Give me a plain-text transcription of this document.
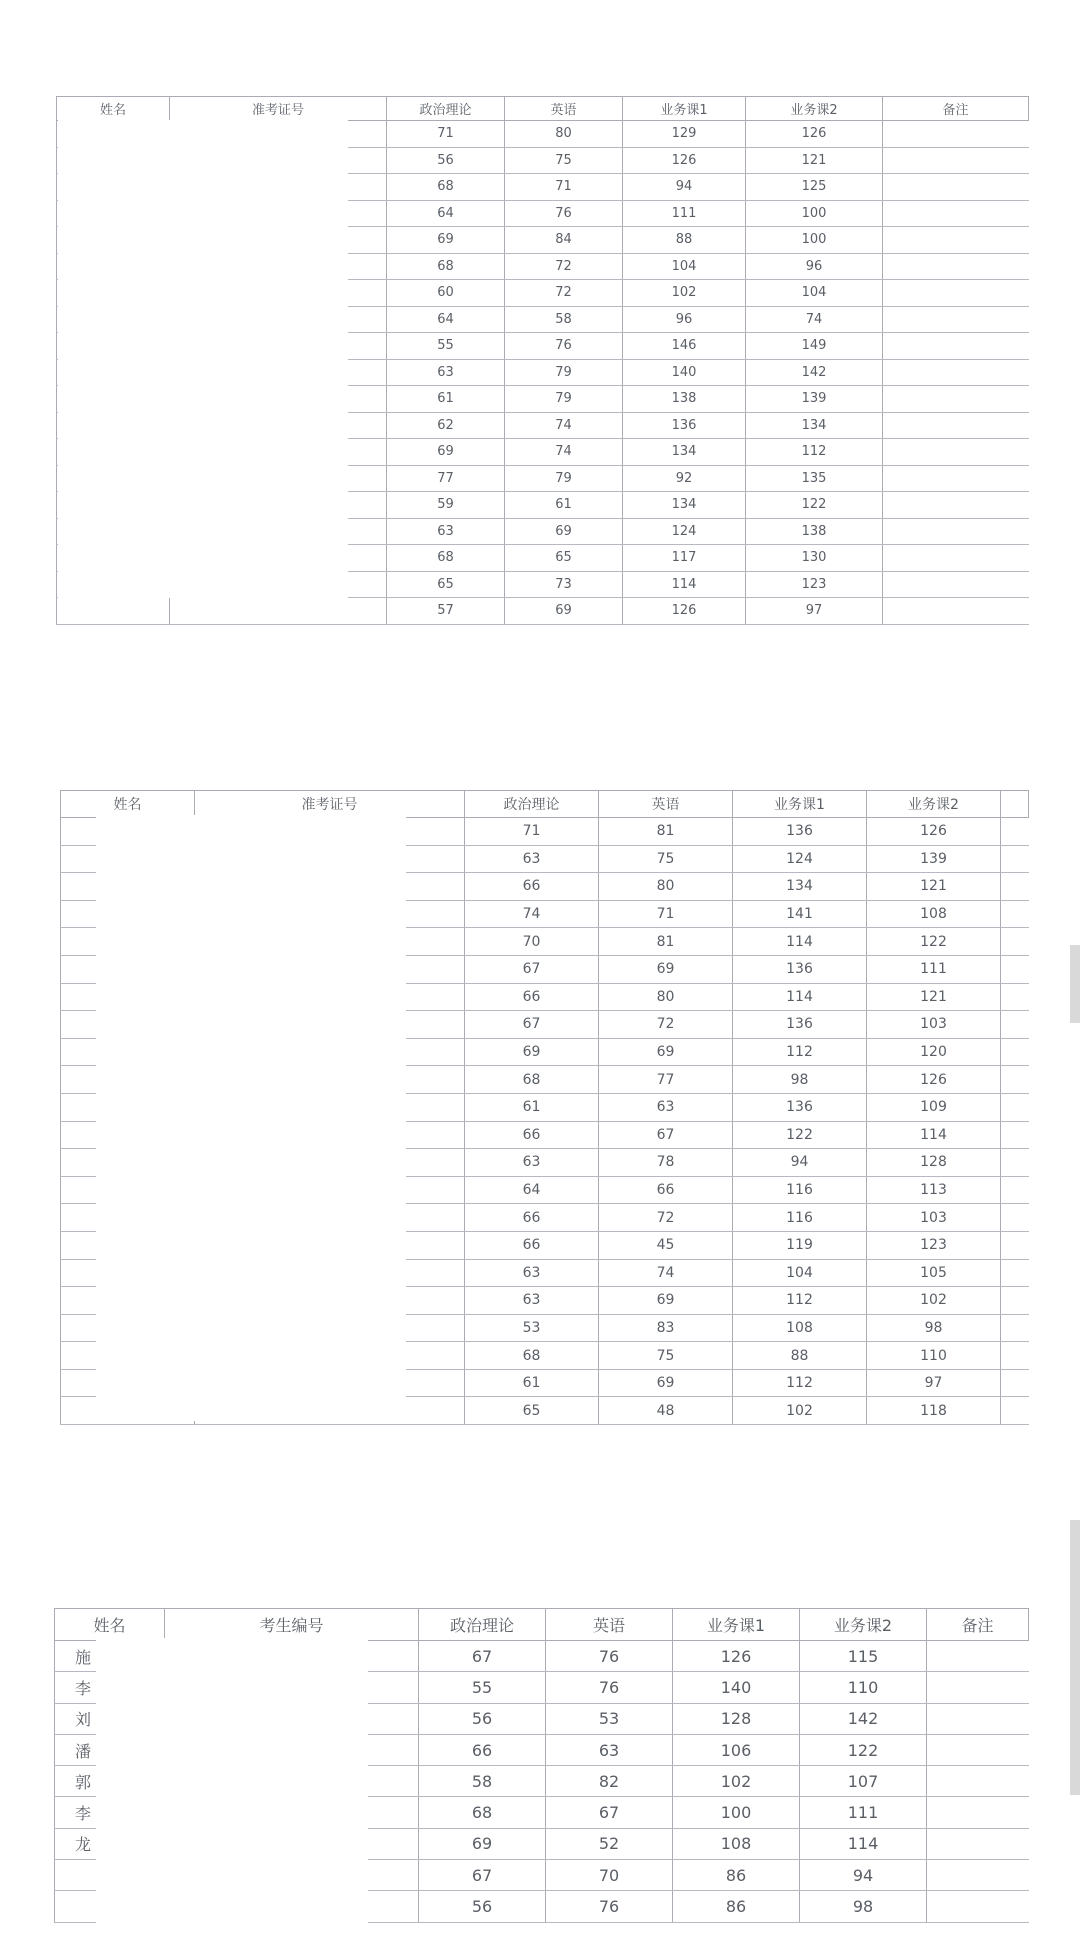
姓名	准考证号	政治理论	英语	业务课1	业务课2	备注
		71	80	129	126	
		56	75	126	121	
		68	71	94	125	
		64	76	111	100	
		69	84	88	100	
		68	72	104	96	
		60	72	102	104	
		64	58	96	74	
		55	76	146	149	
		63	79	140	142	
		61	79	138	139	
		62	74	136	134	
		69	74	134	112	
		77	79	92	135	
		59	61	134	122	
		63	69	124	138	
		68	65	117	130	
		65	73	114	123	
		57	69	126	97	
姓名	准考证号	政治理论	英语	业务课1	业务课2	
		71	81	136	126	
		63	75	124	139	
		66	80	134	121	
		74	71	141	108	
		70	81	114	122	
		67	69	136	111	
		66	80	114	121	
		67	72	136	103	
		69	69	112	120	
		68	77	98	126	
		61	63	136	109	
		66	67	122	114	
		63	78	94	128	
		64	66	116	113	
		66	72	116	103	
		66	45	119	123	
		63	74	104	105	
		63	69	112	102	
		53	83	108	98	
		68	75	88	110	
		61	69	112	97	
		65	48	102	118	
姓名	考生编号	政治理论	英语	业务课1	业务课2	备注
施		67	76	126	115	
李		55	76	140	110	
刘		56	53	128	142	
潘		66	63	106	122	
郭		58	82	102	107	
李		68	67	100	111	
龙		69	52	108	114	
		67	70	86	94	
		56	76	86	98	
